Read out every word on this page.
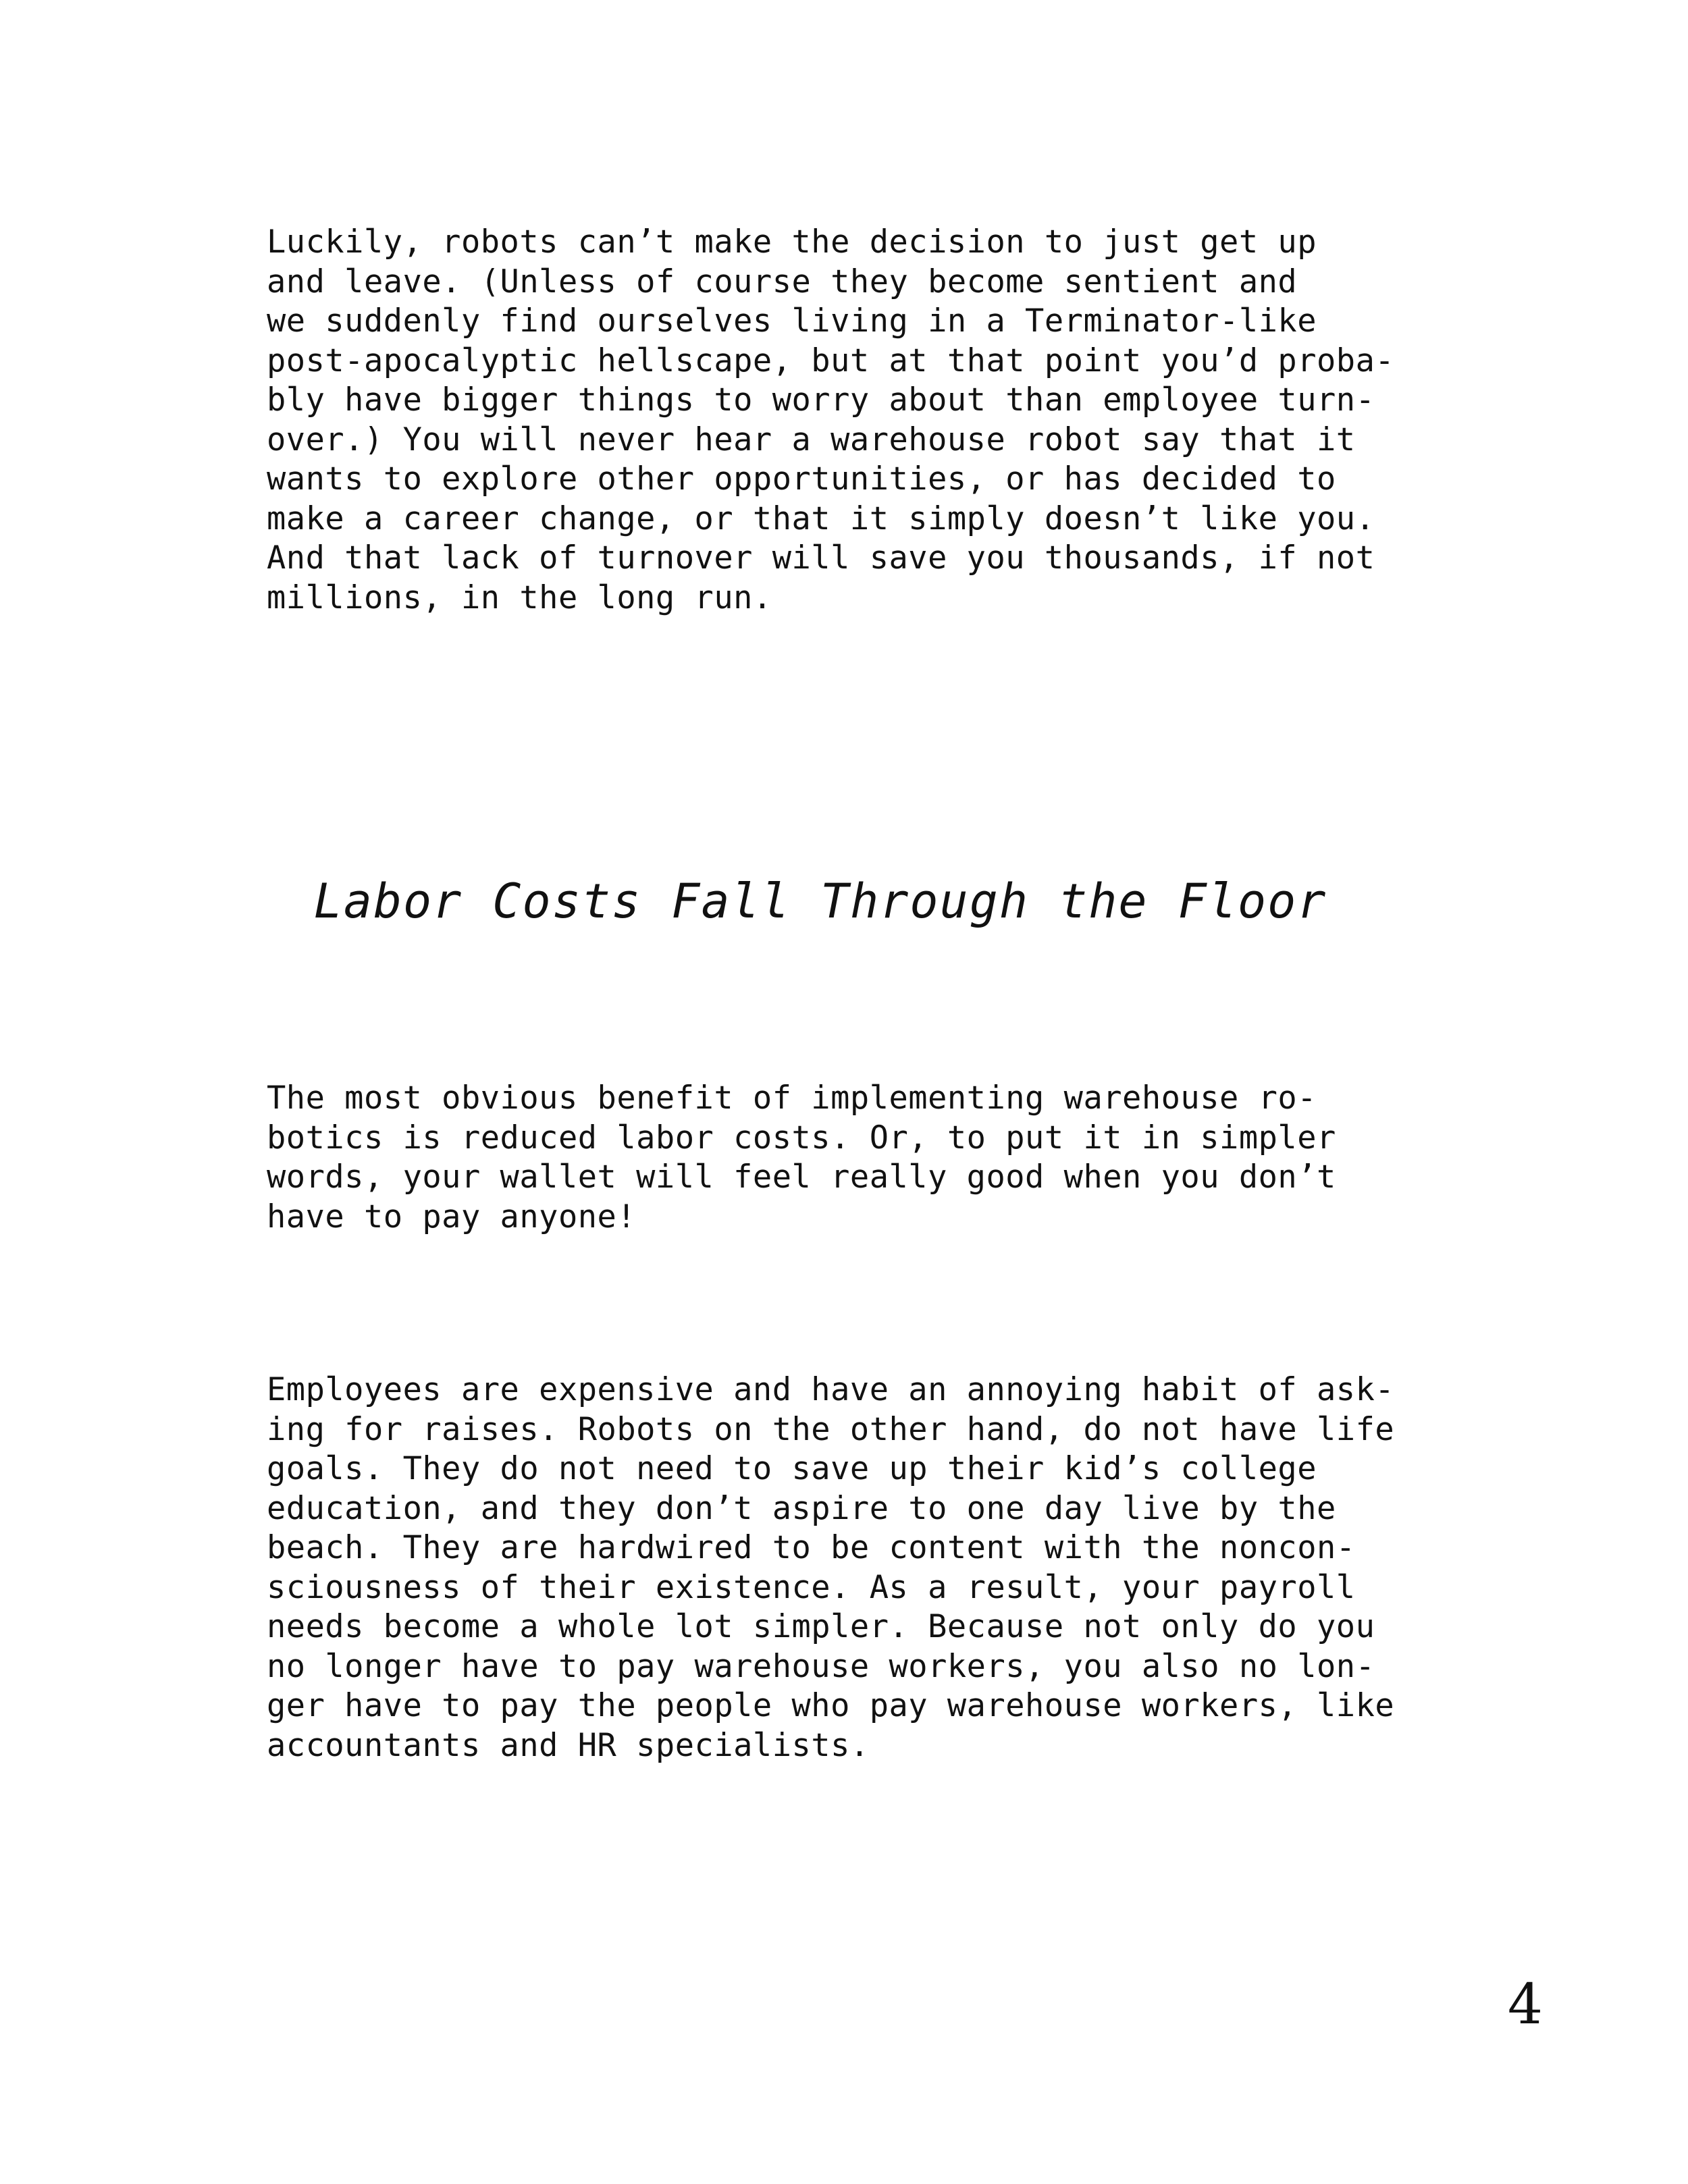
Luckily, robots can’t make the decision to just get up
and leave. (Unless of course they become sentient and
we suddenly find ourselves living in a Terminator-like
post-apocalyptic hellscape, but at that point you’d proba-
bly have bigger things to worry about than employee turn-
over.) You will never hear a warehouse robot say that it
wants to explore other opportunities, or has decided to
make a career change, or that it simply doesn’t like you.
And that lack of turnover will save you thousands, if not
millions, in the long run.

Labor Costs Fall Through the Floor

The most obvious benefit of implementing warehouse ro-
botics is reduced labor costs. Or, to put it in simpler
words, your wallet will feel really good when you don’t
have to pay anyone!

Employees are expensive and have an annoying habit of ask-
ing for raises. Robots on the other hand, do not have life
goals. They do not need to save up their kid’s college
education, and they don’t aspire to one day live by the
beach. They are hardwired to be content with the noncon-
sciousness of their existence. As a result, your payroll
needs become a whole lot simpler. Because not only do you
no longer have to pay warehouse workers, you also no lon-
ger have to pay the people who pay warehouse workers, like
accountants and HR specialists.

4
